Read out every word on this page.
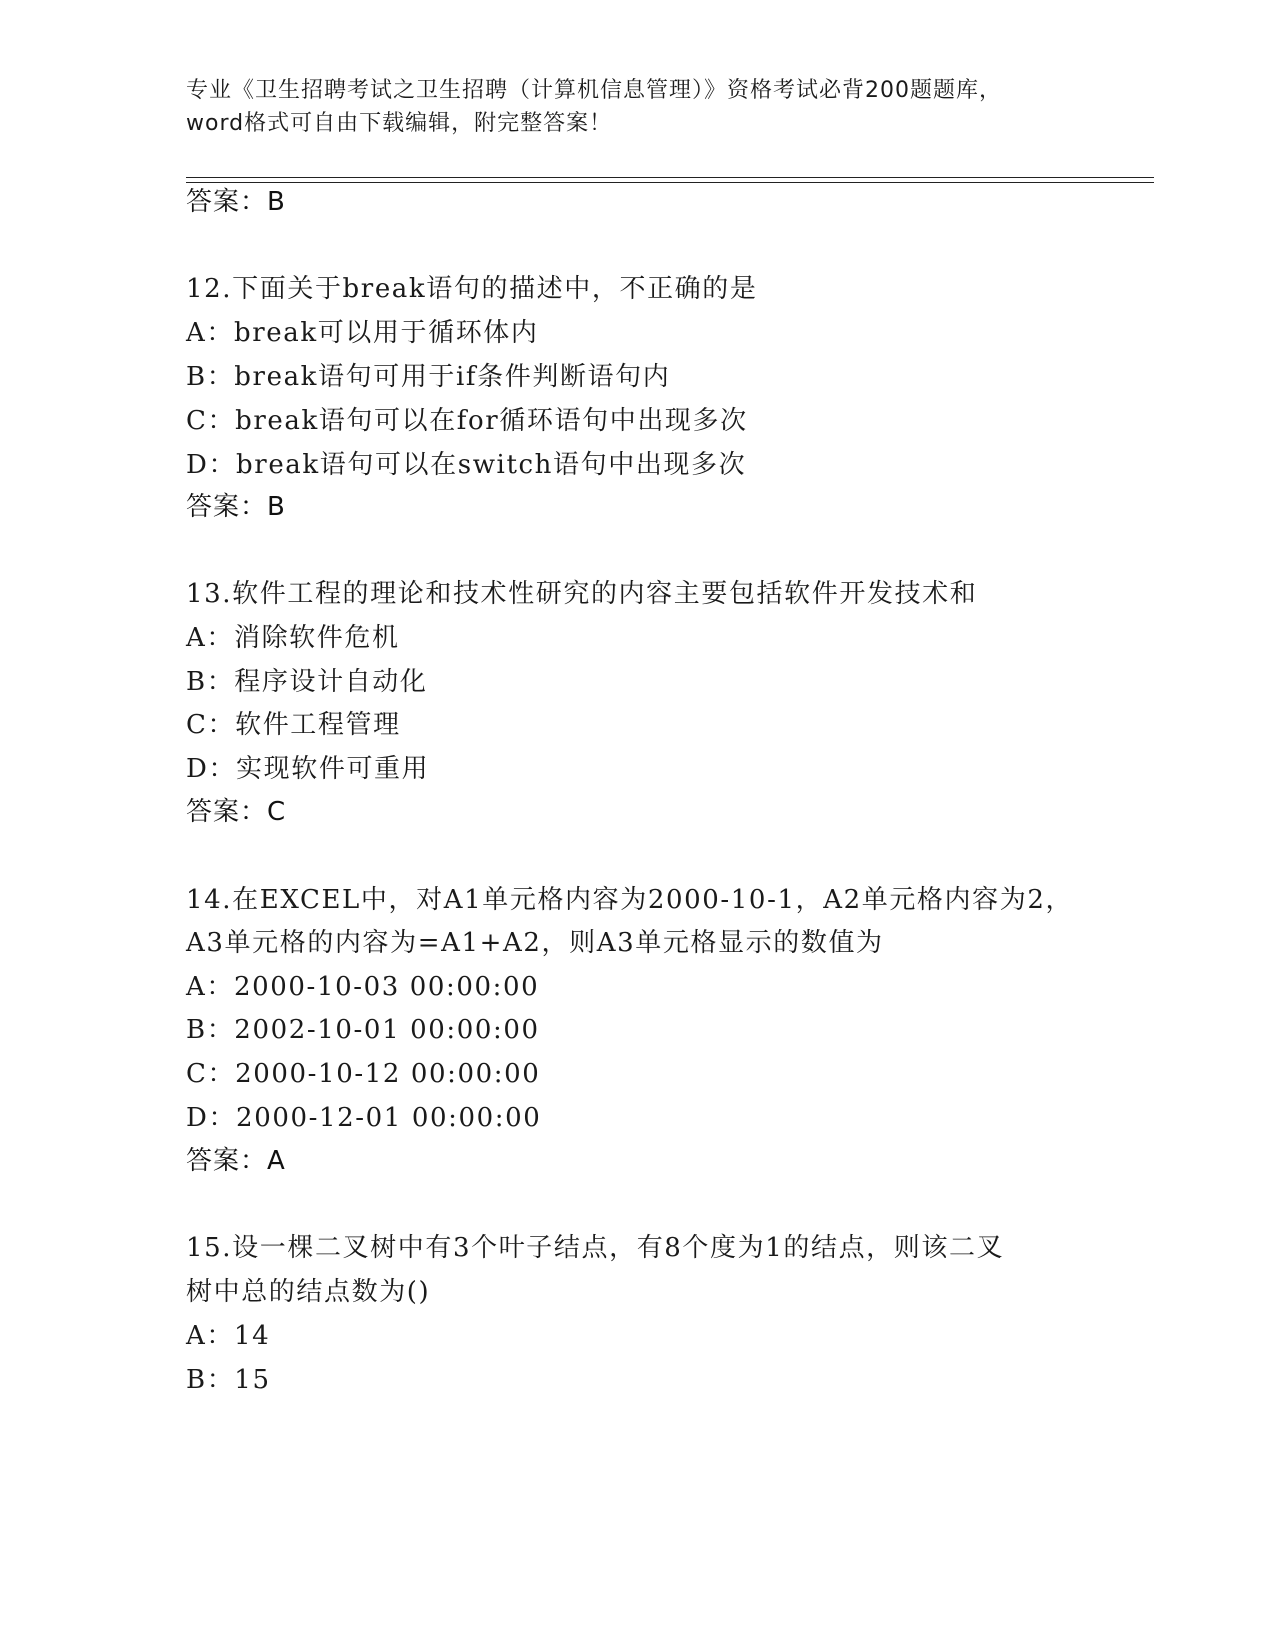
专业《卫生招聘考试之卫生招聘（计算机信息管理）》资格考试必背200题题库，
word格式可自由下载编辑，附完整答案！
答案：B
12.下面关于break语句的描述中，不正确的是
A：break可以用于循环体内
B：break语句可用于if条件判断语句内
C：break语句可以在for循环语句中出现多次
D：break语句可以在switch语句中出现多次
答案：B
13.软件工程的理论和技术性研究的内容主要包括软件开发技术和
A：消除软件危机
B：程序设计自动化
C：软件工程管理
D：实现软件可重用
答案：C
14.在EXCEL中，对A1单元格内容为2000-10-1，A2单元格内容为2，
A3单元格的内容为=A1+A2，则A3单元格显示的数值为
A：2000-10-03 00:00:00
B：2002-10-01 00:00:00
C：2000-10-12 00:00:00
D：2000-12-01 00:00:00
答案：A
15.设一棵二叉树中有3个叶子结点，有8个度为1的结点，则该二叉
树中总的结点数为()
A：14
B：15
